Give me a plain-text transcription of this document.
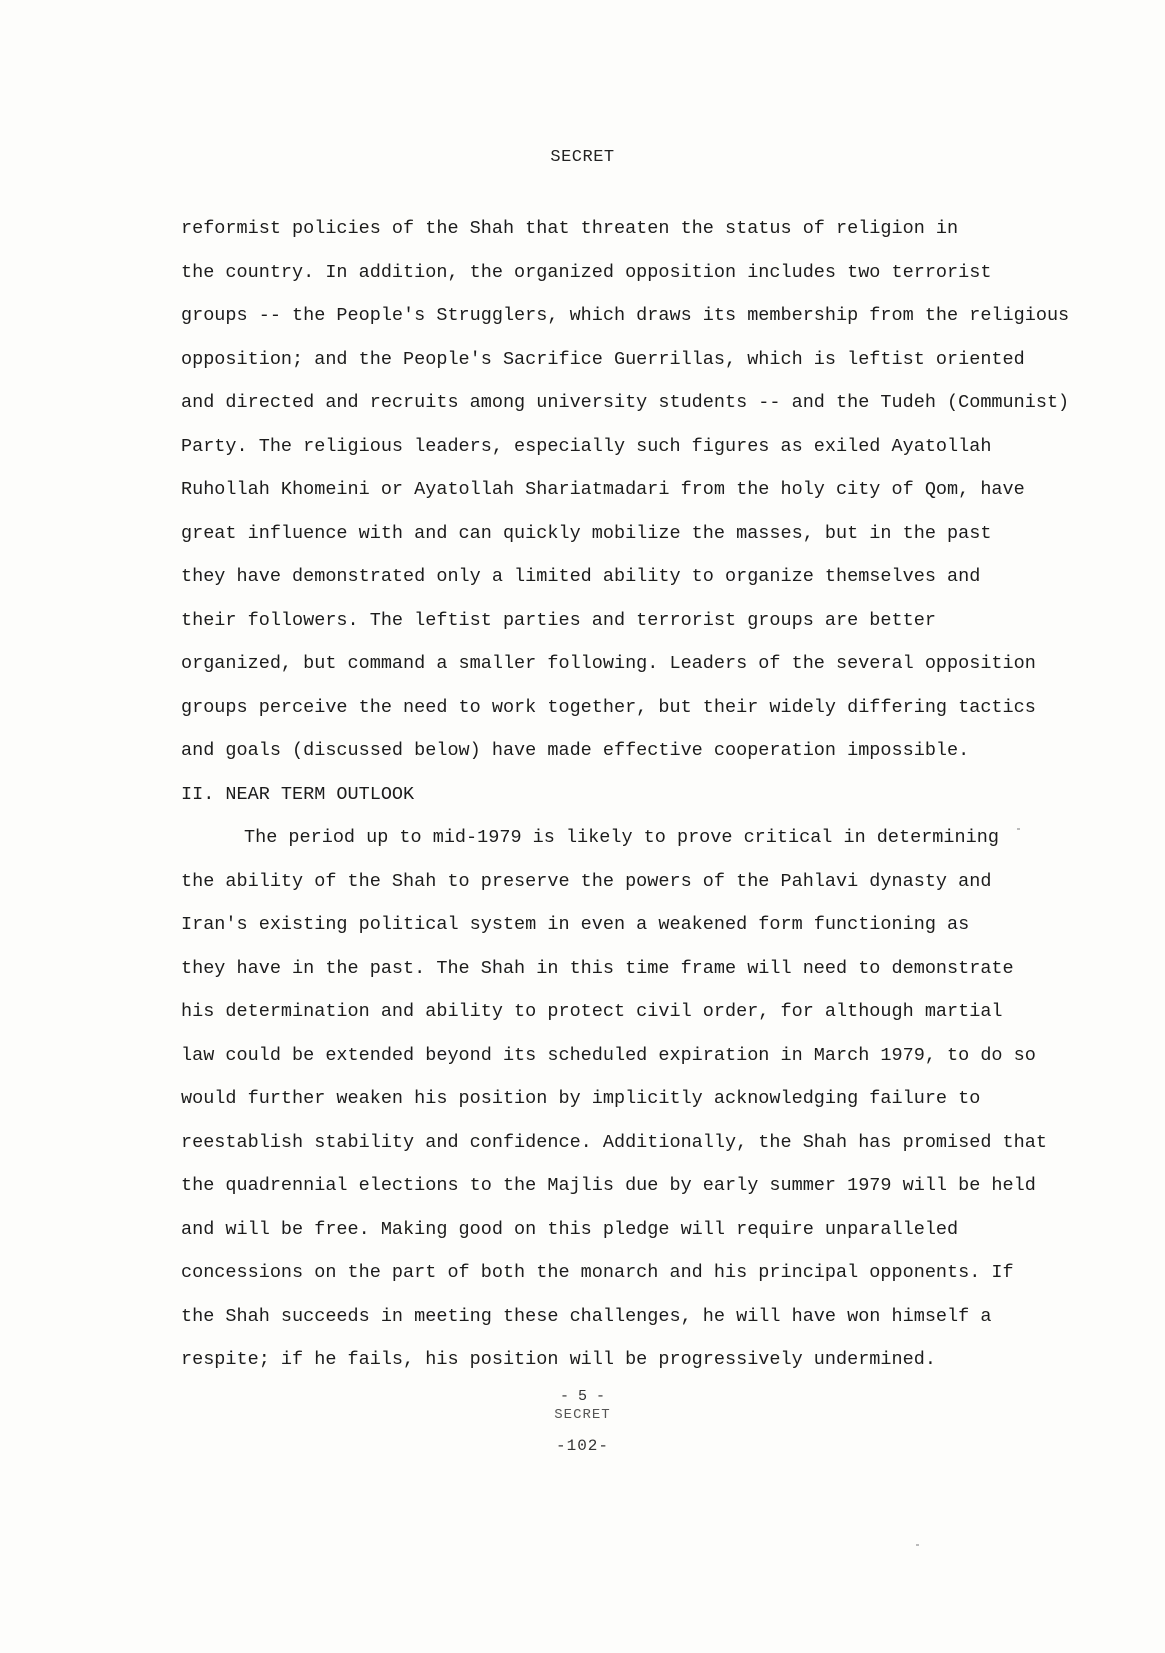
SECRET
reformist policies of the Shah that threaten the status of religion in
the country. In addition, the organized opposition includes two terrorist
groups -- the People's Strugglers, which draws its membership from the religious
opposition; and the People's Sacrifice Guerrillas, which is leftist oriented
and directed and recruits among university students -- and the Tudeh (Communist)
Party. The religious leaders, especially such figures as exiled Ayatollah
Ruhollah Khomeini or Ayatollah Shariatmadari from the holy city of Qom, have
great influence with and can quickly mobilize the masses, but in the past
they have demonstrated only a limited ability to organize themselves and
their followers. The leftist parties and terrorist groups are better
organized, but command a smaller following. Leaders of the several opposition
groups perceive the need to work together, but their widely differing tactics
and goals (discussed below) have made effective cooperation impossible.
II. NEAR TERM OUTLOOK
The period up to mid-1979 is likely to prove critical in determining
the ability of the Shah to preserve the powers of the Pahlavi dynasty and
Iran's existing political system in even a weakened form functioning as
they have in the past. The Shah in this time frame will need to demonstrate
his determination and ability to protect civil order, for although martial
law could be extended beyond its scheduled expiration in March 1979, to do so
would further weaken his position by implicitly acknowledging failure to
reestablish stability and confidence. Additionally, the Shah has promised that
the quadrennial elections to the Majlis due by early summer 1979 will be held
and will be free. Making good on this pledge will require unparalleled
concessions on the part of both the monarch and his principal opponents. If
the Shah succeeds in meeting these challenges, he will have won himself a
respite; if he fails, his position will be progressively undermined.
- 5 -
SECRET
-102-
